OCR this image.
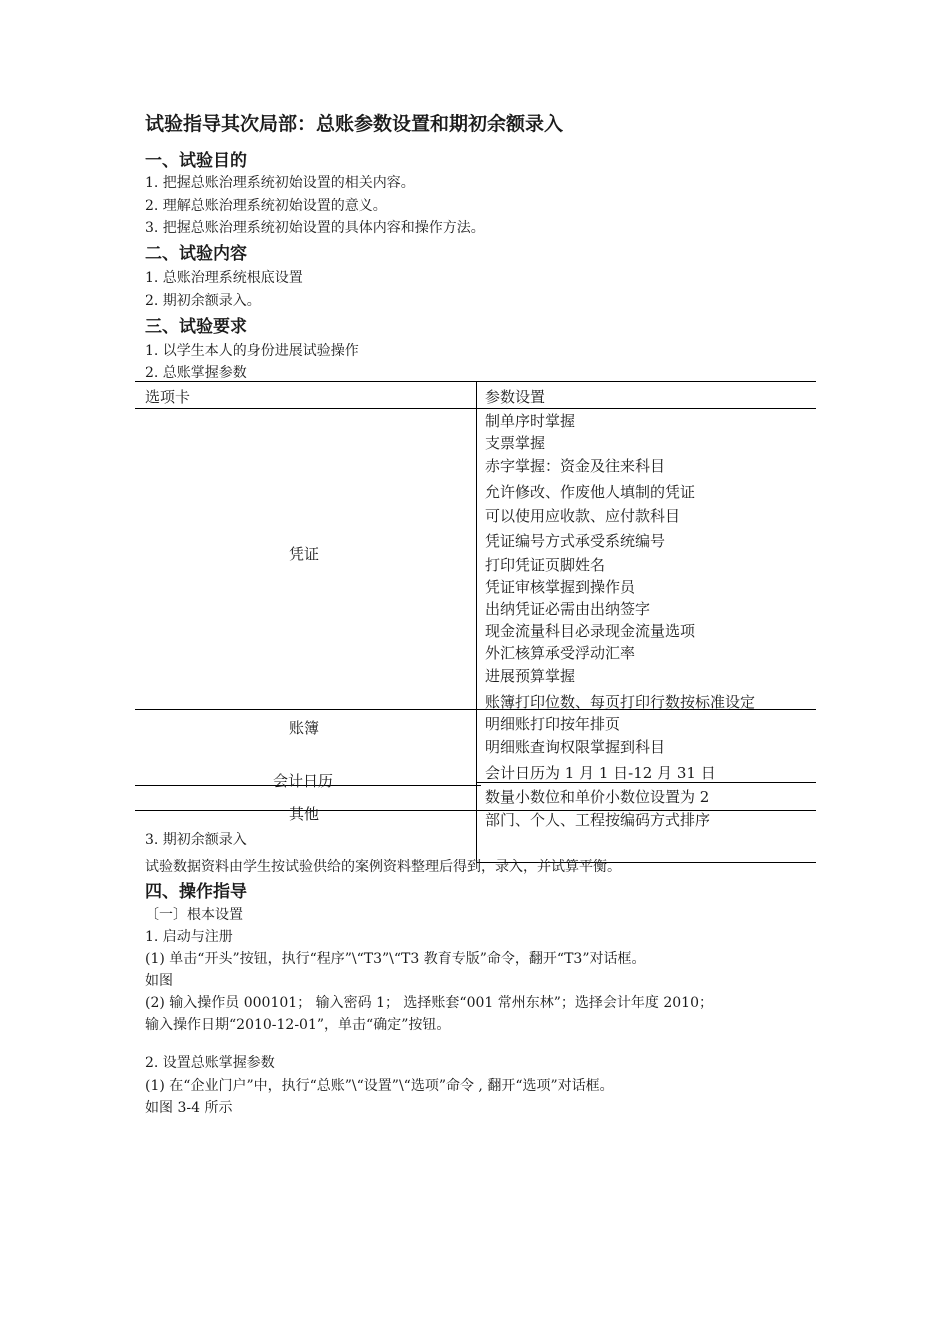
试验指导其次局部：总账参数设置和期初余额录入
一、试验目的
1. 把握总账治理系统初始设置的相关内容。
2. 理解总账治理系统初始设置的意义。
3. 把握总账治理系统初始设置的具体内容和操作方法。
二、试验内容
1. 总账治理系统根底设置
2. 期初余额录入。
三、试验要求
1. 以学生本人的身份进展试验操作
2. 总账掌握参数
选项卡	参数设置
凭证
账簿
会计日历
其他
制单序时掌握
支票掌握
赤字掌握：资金及往来科目
允许修改、作废他人填制的凭证
可以使用应收款、应付款科目
凭证编号方式承受系统编号
打印凭证页脚姓名
凭证审核掌握到操作员
出纳凭证必需由出纳签字
现金流量科目必录现金流量选项
外汇核算承受浮动汇率
进展预算掌握
账簿打印位数、每页打印行数按标准设定
明细账打印按年排页
明细账查询权限掌握到科目
会计日历为 1 月 1 日-12 月 31 日
数量小数位和单价小数位设置为 2
部门、个人、工程按编码方式排序
3. 期初余额录入
试验数据资料由学生按试验供给的案例资料整理后得到，录入，并试算平衡。
四、操作指导
〔一〕根本设置
1. 启动与注册
(1) 单击“开头”按钮，执行“程序”\“T3”\“T3 教育专版”命令，翻开“T3”对话框。
如图
(2) 输入操作员 000101； 输入密码 1； 选择账套“001 常州东林”；选择会计年度 2010；
输入操作日期“2010-12-01”，单击“确定”按钮。
2. 设置总账掌握参数
(1) 在“企业门户”中，执行“总账”\“设置”\“选项”命令 , 翻开“选项”对话框。
如图 3-4 所示
